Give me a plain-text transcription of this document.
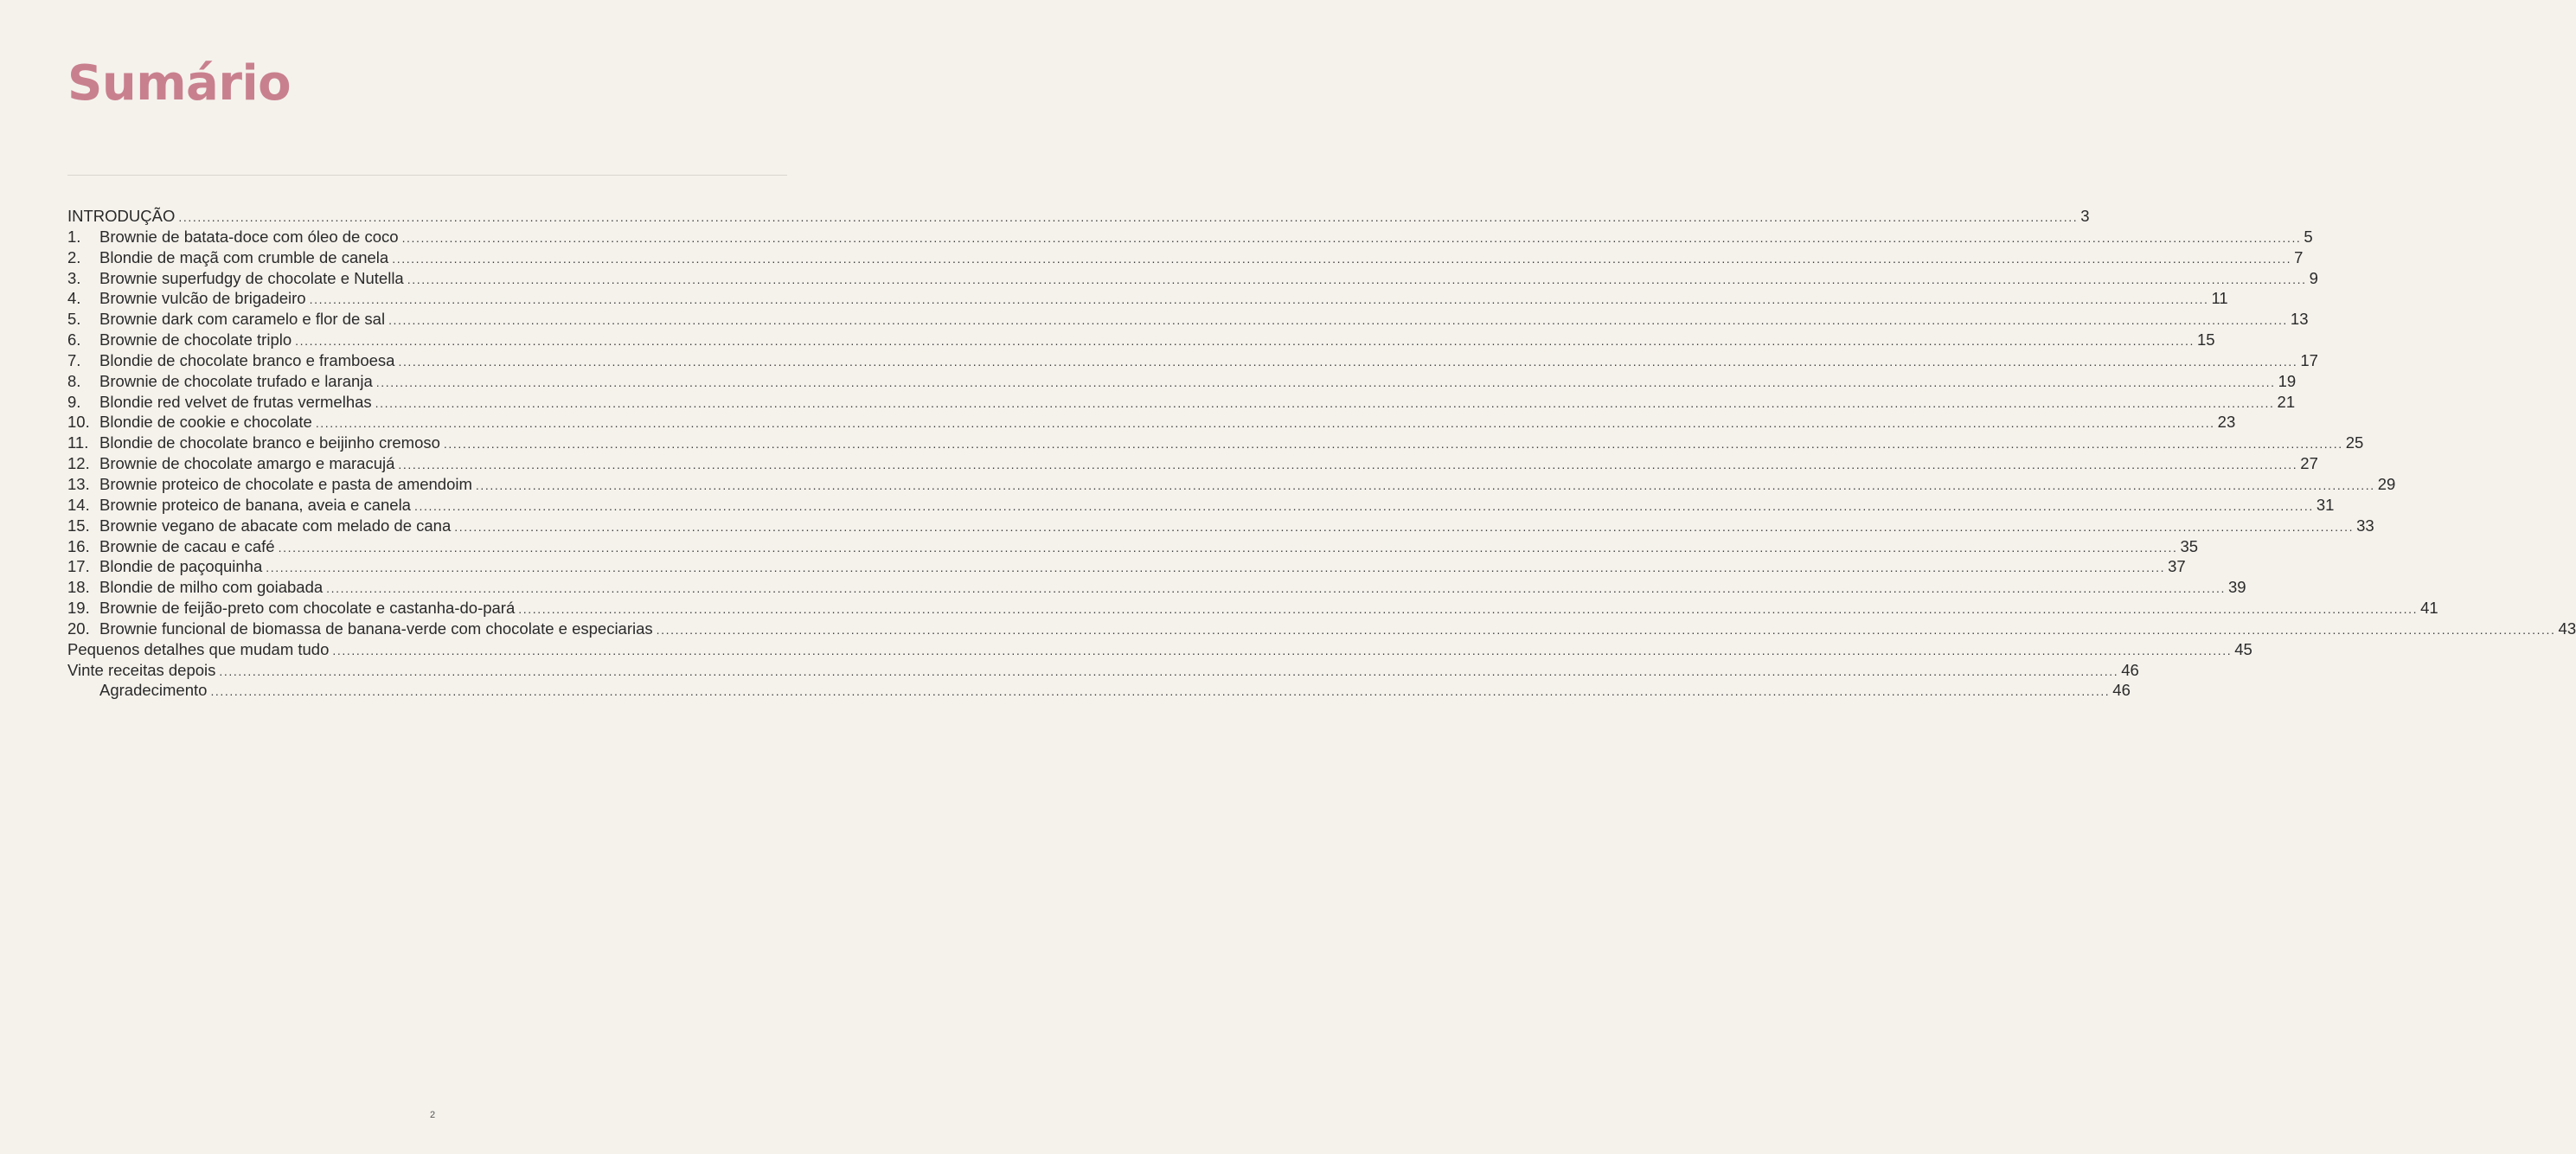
Sumário
INTRODUÇÃO ................................................................................................................................................................................................................................................................................................................................................................................................................ 3
1.	Brownie de batata-doce com óleo de coco ................................................................................................................................................................................................................................................................................................................................................................................................................ 5
2.	Blondie de maçã com crumble de canela ................................................................................................................................................................................................................................................................................................................................................................................................................ 7
3.	Brownie superfudgy de chocolate e Nutella ................................................................................................................................................................................................................................................................................................................................................................................................................ 9
4.	Brownie vulcão de brigadeiro ................................................................................................................................................................................................................................................................................................................................................................................................................ 11
5.	Brownie dark com caramelo e flor de sal ................................................................................................................................................................................................................................................................................................................................................................................................................ 13
6.	Brownie de chocolate triplo ................................................................................................................................................................................................................................................................................................................................................................................................................ 15
7.	Blondie de chocolate branco e framboesa ................................................................................................................................................................................................................................................................................................................................................................................................................ 17
8.	Brownie de chocolate trufado e laranja ................................................................................................................................................................................................................................................................................................................................................................................................................ 19
9.	Blondie red velvet de frutas vermelhas ................................................................................................................................................................................................................................................................................................................................................................................................................ 21
10. Blondie de cookie e chocolate ................................................................................................................................................................................................................................................................................................................................................................................................................ 23
11. Blondie de chocolate branco e beijinho cremoso ................................................................................................................................................................................................................................................................................................................................................................................................................ 25
12. Brownie de chocolate amargo e maracujá ................................................................................................................................................................................................................................................................................................................................................................................................................ 27
13. Brownie proteico de chocolate e pasta de amendoim ................................................................................................................................................................................................................................................................................................................................................................................................................ 29
14. Brownie proteico de banana, aveia e canela ................................................................................................................................................................................................................................................................................................................................................................................................................ 31
15. Brownie vegano de abacate com melado de cana ................................................................................................................................................................................................................................................................................................................................................................................................................ 33
16. Brownie de cacau e café ................................................................................................................................................................................................................................................................................................................................................................................................................ 35
17. Blondie de paçoquinha ................................................................................................................................................................................................................................................................................................................................................................................................................ 37
18. Blondie de milho com goiabada ................................................................................................................................................................................................................................................................................................................................................................................................................ 39
19. Brownie de feijão-preto com chocolate e castanha-do-pará ................................................................................................................................................................................................................................................................................................................................................................................................................ 41
20. Brownie funcional de biomassa de banana-verde com chocolate e especiarias ................................................................................................................................................................................................................................................................................................................................................................................................................ 43
Pequenos detalhes que mudam tudo ................................................................................................................................................................................................................................................................................................................................................................................................................ 45
Vinte receitas depois ................................................................................................................................................................................................................................................................................................................................................................................................................ 46
Agradecimento ................................................................................................................................................................................................................................................................................................................................................................................................................ 46
2
